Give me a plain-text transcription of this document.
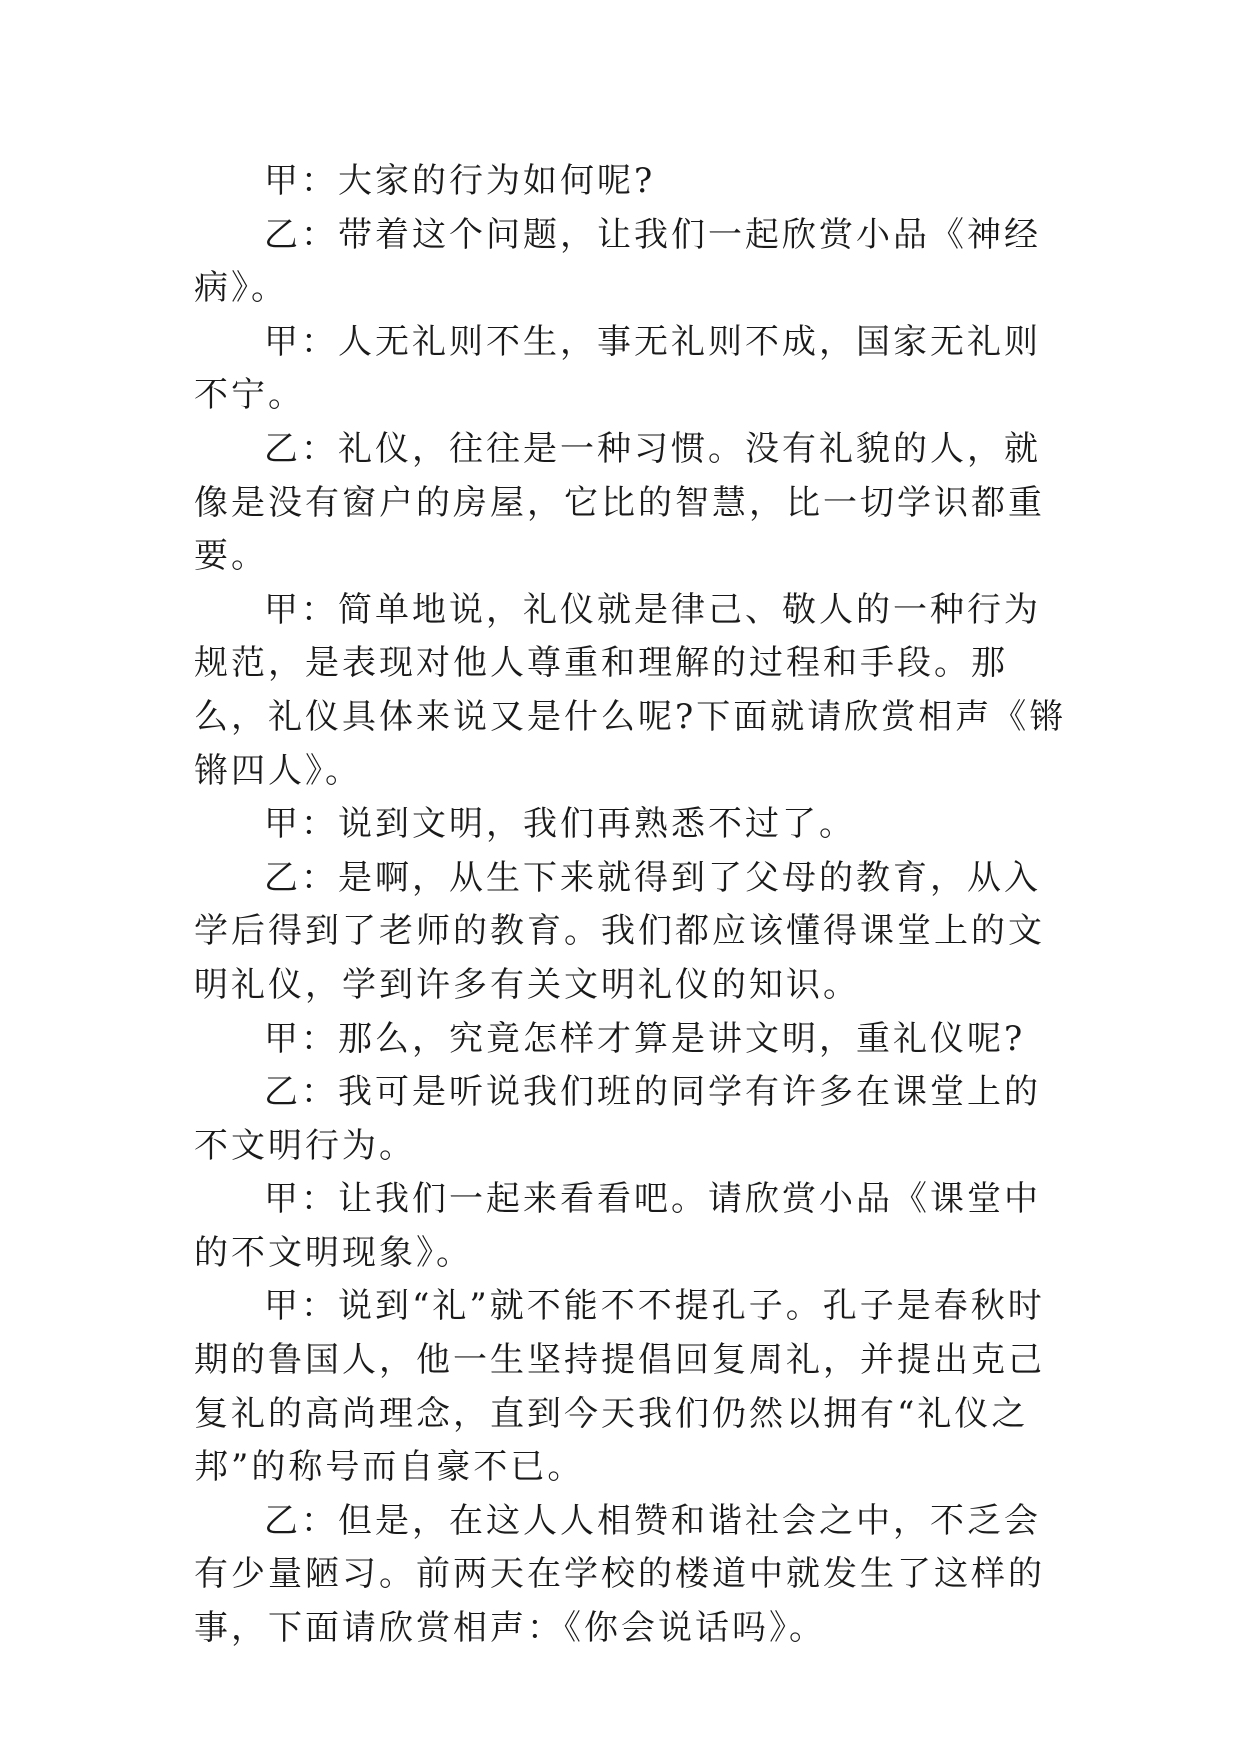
甲：大家的行为如何呢?

乙：带着这个问题，让我们一起欣赏小品《神经病》。

甲：人无礼则不生，事无礼则不成，国家无礼则不宁。

乙：礼仪，往往是一种习惯。没有礼貌的人，就像是没有窗户的房屋，它比的智慧，比一切学识都重要。

甲：简单地说，礼仪就是律己、敬人的一种行为规范，是表现对他人尊重和理解的过程和手段。那么，礼仪具体来说又是什么呢?下面就请欣赏相声《锵锵四人》。

甲：说到文明，我们再熟悉不过了。

乙：是啊，从生下来就得到了父母的教育，从入学后得到了老师的教育。我们都应该懂得课堂上的文明礼仪，学到许多有关文明礼仪的知识。

甲：那么，究竟怎样才算是讲文明，重礼仪呢?

乙：我可是听说我们班的同学有许多在课堂上的不文明行为。

甲：让我们一起来看看吧。请欣赏小品《课堂中的不文明现象》。

甲：说到“礼”就不能不不提孔子。孔子是春秋时期的鲁国人，他一生坚持提倡回复周礼，并提出克己复礼的高尚理念，直到今天我们仍然以拥有“礼仪之邦”的称号而自豪不已。

乙：但是，在这人人相赞和谐社会之中，不乏会有少量陋习。前两天在学校的楼道中就发生了这样的事，下面请欣赏相声：《你会说话吗》。
